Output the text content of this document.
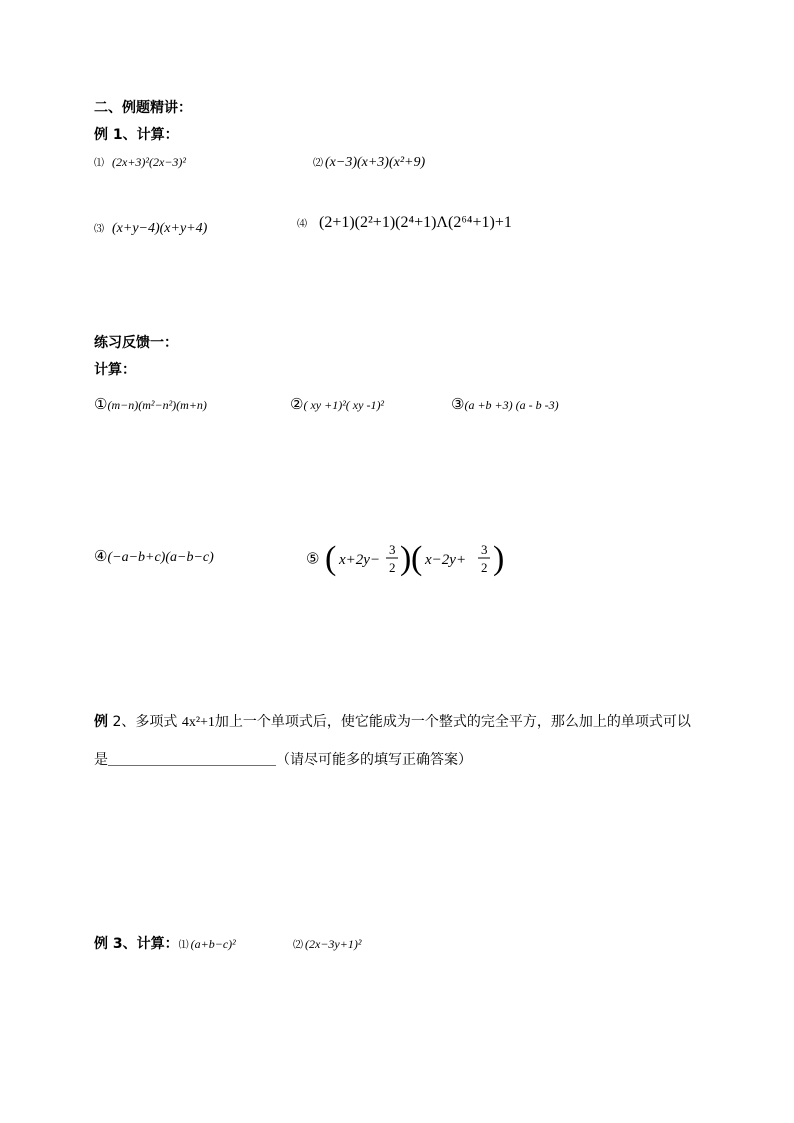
二、例题精讲：
例 1、计算：
⑴ (2x+3)²(2x−3)²	⑵ (x−3)(x+3)(x²+9)
⑶ (x+y−4)(x+y+4)	⑷ (2+1)(2²+1)(2⁴+1)Λ(2⁶⁴+1)+1
练习反馈一：
计算：
①(m−n)(m²−n²)(m+n)	②( xy +1)²( xy -1)²	③(a +b +3) (a - b -3)
④(−a−b+c)(a−b−c)	⑤ ( x+2y−
3
2 ) ( x−2y+
3
2 )
例 2、多项式 4x²+1加上一个单项式后，使它能成为一个整式的完全平方，那么加上的单项式可以
是＿＿＿＿＿＿＿＿＿＿＿＿（请尽可能多的填写正确答案）
例 3、计算：⑴ (a+b−c)²	⑵ (2x−3y+1)²
